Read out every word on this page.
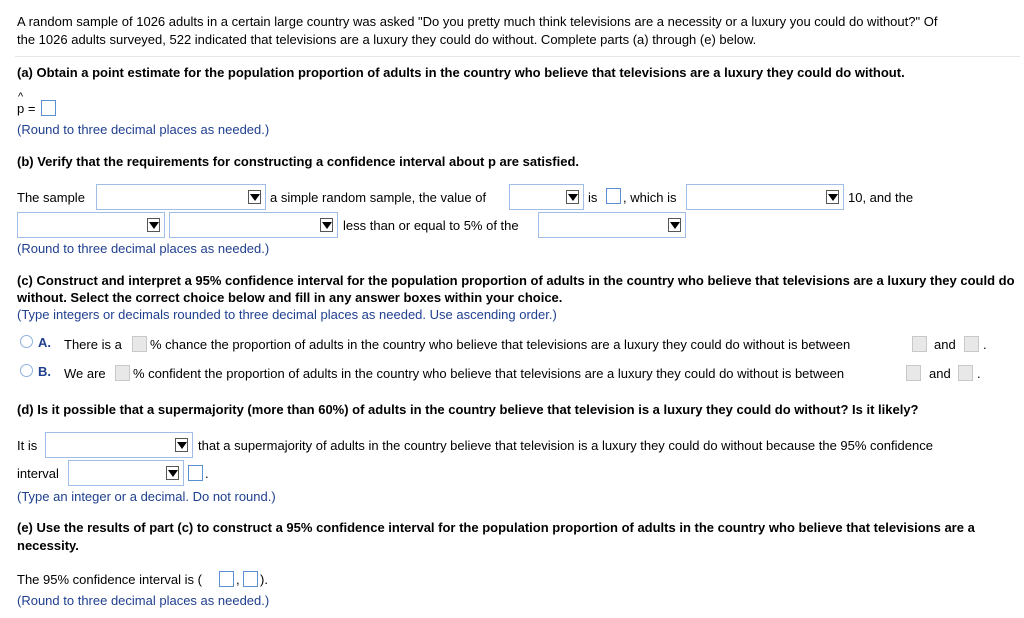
A random sample of 1026 adults in a certain large country was asked "Do you pretty much think televisions are a necessity or a luxury you could do without?" Of
the 1026 adults surveyed, 522 indicated that televisions are a luxury they could do without. Complete parts (a) through (e) below.
(a) Obtain a point estimate for the population proportion of adults in the country who believe that televisions are a luxury they could do without.
^
p =
(Round to three decimal places as needed.)
(b) Verify that the requirements for constructing a confidence interval about p are satisfied.
The sample	a simple random sample, the value of	is , which is	10, and the
less than or equal to 5% of the
(Round to three decimal places as needed.)
(c) Construct and interpret a 95% confidence interval for the population proportion of adults in the country who believe that televisions are a luxury they could do
without. Select the correct choice below and fill in any answer boxes within your choice.
(Type integers or decimals rounded to three decimal places as needed. Use ascending order.)
A. There is a % chance the proportion of adults in the country who believe that televisions are a luxury they could do without is between	and .
B. We are % confident the proportion of adults in the country who believe that televisions are a luxury they could do without is between	and .
(d) Is it possible that a supermajority (more than 60%) of adults in the country believe that television is a luxury they could do without? Is it likely?
It is	that a supermajority of adults in the country believe that television is a luxury they could do without because the 95% confidence
interval	.
(Type an integer or a decimal. Do not round.)
(e) Use the results of part (c) to construct a 95% confidence interval for the population proportion of adults in the country who believe that televisions are a
necessity.
The 95% confidence interval is (	, ).
(Round to three decimal places as needed.)
